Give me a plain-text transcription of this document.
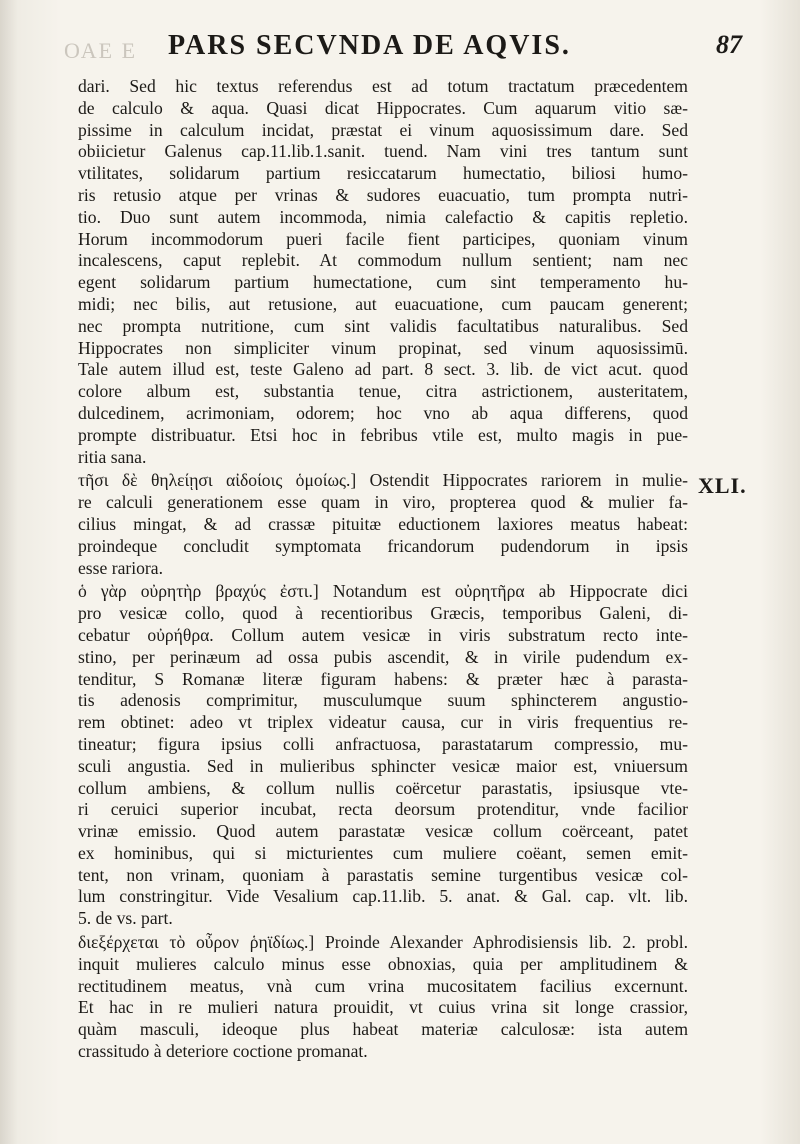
ОАЕ Е PARS SECVNDA DE AQVIS.	87
dari. Sed hic textus referendus est ad totum tractatum præcedentem
de calculo & aqua. Quasi dicat Hippocrates. Cum aquarum vitio sæ-
pissime in calculum incidat, præstat ei vinum aquosissimum dare. Sed
obiicietur Galenus cap.11.lib.1.sanit. tuend. Nam vini tres tantum sunt
vtilitates, solidarum partium resiccatarum humectatio, biliosi humo-
ris retusio atque per vrinas & sudores euacuatio, tum prompta nutri-
tio. Duo sunt autem incommoda, nimia calefactio & capitis repletio.
Horum incommodorum pueri facile fient participes, quoniam vinum
incalescens, caput replebit. At commodum nullum sentient; nam nec
egent solidarum partium humectatione, cum sint temperamento hu-
midi; nec bilis, aut retusione, aut euacuatione, cum paucam generent;
nec prompta nutritione, cum sint validis facultatibus naturalibus. Sed
Hippocrates non simpliciter vinum propinat, sed vinum aquosissimū.
Tale autem illud est, teste Galeno ad part. 8 sect. 3. lib. de vict acut. quod
colore album est, substantia tenue, citra astrictionem, austeritatem,
dulcedinem, acrimoniam, odorem; hoc vno ab aqua differens, quod
prompte distribuatur. Etsi hoc in febribus vtile est, multo magis in pue-
ritia sana.
τῆσι δὲ θηλείῃσι αἰδοίοις ὁμοίως.] Ostendit Hippocrates rariorem in mulie-
re calculi generationem esse quam in viro, propterea quod & mulier fa-
cilius mingat, & ad crassæ pituitæ eductionem laxiores meatus habeat:
proindeque concludit symptomata fricandorum pudendorum in ipsis
esse rariora.
ὁ γὰρ οὐρητὴρ βραχύς ἐστι.] Notandum est οὐρητῆρα ab Hippocrate dici
pro vesicæ collo, quod à recentioribus Græcis, temporibus Galeni, di-
cebatur οὐρήθρα. Collum autem vesicæ in viris substratum recto inte-
stino, per perinæum ad ossa pubis ascendit, & in virile pudendum ex-
tenditur, S Romanæ literæ figuram habens: & præter hæc à parasta-
tis adenosis comprimitur, musculumque suum sphincterem angustio-
rem obtinet: adeo vt triplex videatur causa, cur in viris frequentius re-
tineatur; figura ipsius colli anfractuosa, parastatarum compressio, mu-
sculi angustia. Sed in mulieribus sphincter vesicæ maior est, vniuersum
collum ambiens, & collum nullis coërcetur parastatis, ipsiusque vte-
ri ceruici superior incubat, recta deorsum protenditur, vnde facilior
vrinæ emissio. Quod autem parastatæ vesicæ collum coërceant, patet
ex hominibus, qui si micturientes cum muliere coëant, semen emit-
tent, non vrinam, quoniam à parastatis semine turgentibus vesicæ col-
lum constringitur. Vide Vesalium cap.11.lib. 5. anat. & Gal. cap. vlt. lib.
5. de vs. part.
διεξέρχεται τὸ οὖρον ῥηϊδίως.] Proinde Alexander Aphrodisiensis lib. 2. probl.
inquit mulieres calculo minus esse obnoxias, quia per amplitudinem &
rectitudinem meatus, vnà cum vrina mucositatem facilius excernunt.
Et hac in re mulieri natura prouidit, vt cuius vrina sit longe crassior,
quàm masculi, ideoque plus habeat materiæ calculosæ: ista autem
crassitudo à deteriore coctione promanat.
XLI.
